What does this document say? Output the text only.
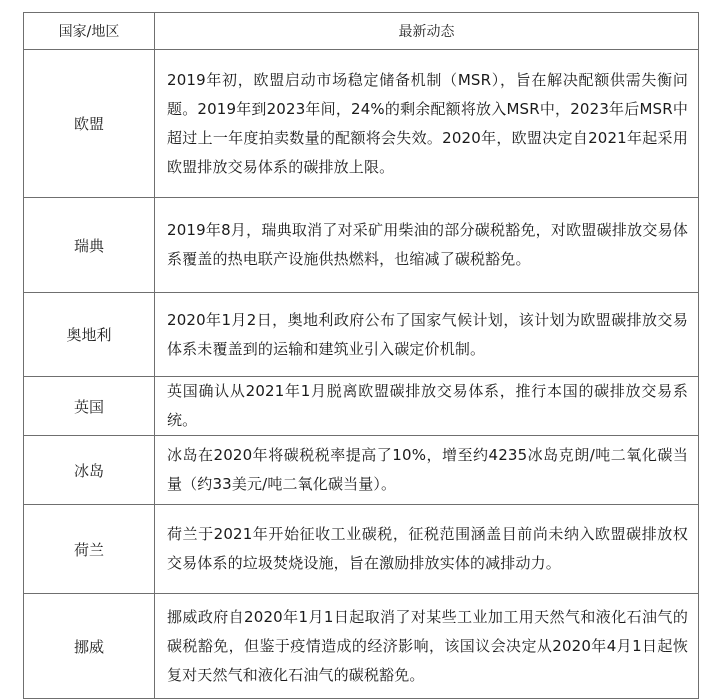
国家/地区	最新动态
欧盟	2019年初，欧盟启动市场稳定储备机制（MSR），旨在解决配额供需失衡问题。2019年到2023年间，24%的剩余配额将放入MSR中，2023年后MSR中超过上一年度拍卖数量的配额将会失效。2020年，欧盟决定自2021年起采用欧盟排放交易体系的碳排放上限。
瑞典	2019年8月，瑞典取消了对采矿用柴油的部分碳税豁免，对欧盟碳排放交易体系覆盖的热电联产设施供热燃料，也缩减了碳税豁免。
奥地利	2020年1月2日，奥地利政府公布了国家气候计划，该计划为欧盟碳排放交易体系未覆盖到的运输和建筑业引入碳定价机制。
英国	英国确认从2021年1月脱离欧盟碳排放交易体系，推行本国的碳排放交易系统。
冰岛	冰岛在2020年将碳税税率提高了10%，增至约4235冰岛克朗/吨二氧化碳当量（约33美元/吨二氧化碳当量）。
荷兰	荷兰于2021年开始征收工业碳税，征税范围涵盖目前尚未纳入欧盟碳排放权交易体系的垃圾焚烧设施，旨在激励排放实体的减排动力。
挪威	挪威政府自2020年1月1日起取消了对某些工业加工用天然气和液化石油气的碳税豁免，但鉴于疫情造成的经济影响，该国议会决定从2020年4月1日起恢复对天然气和液化石油气的碳税豁免。
